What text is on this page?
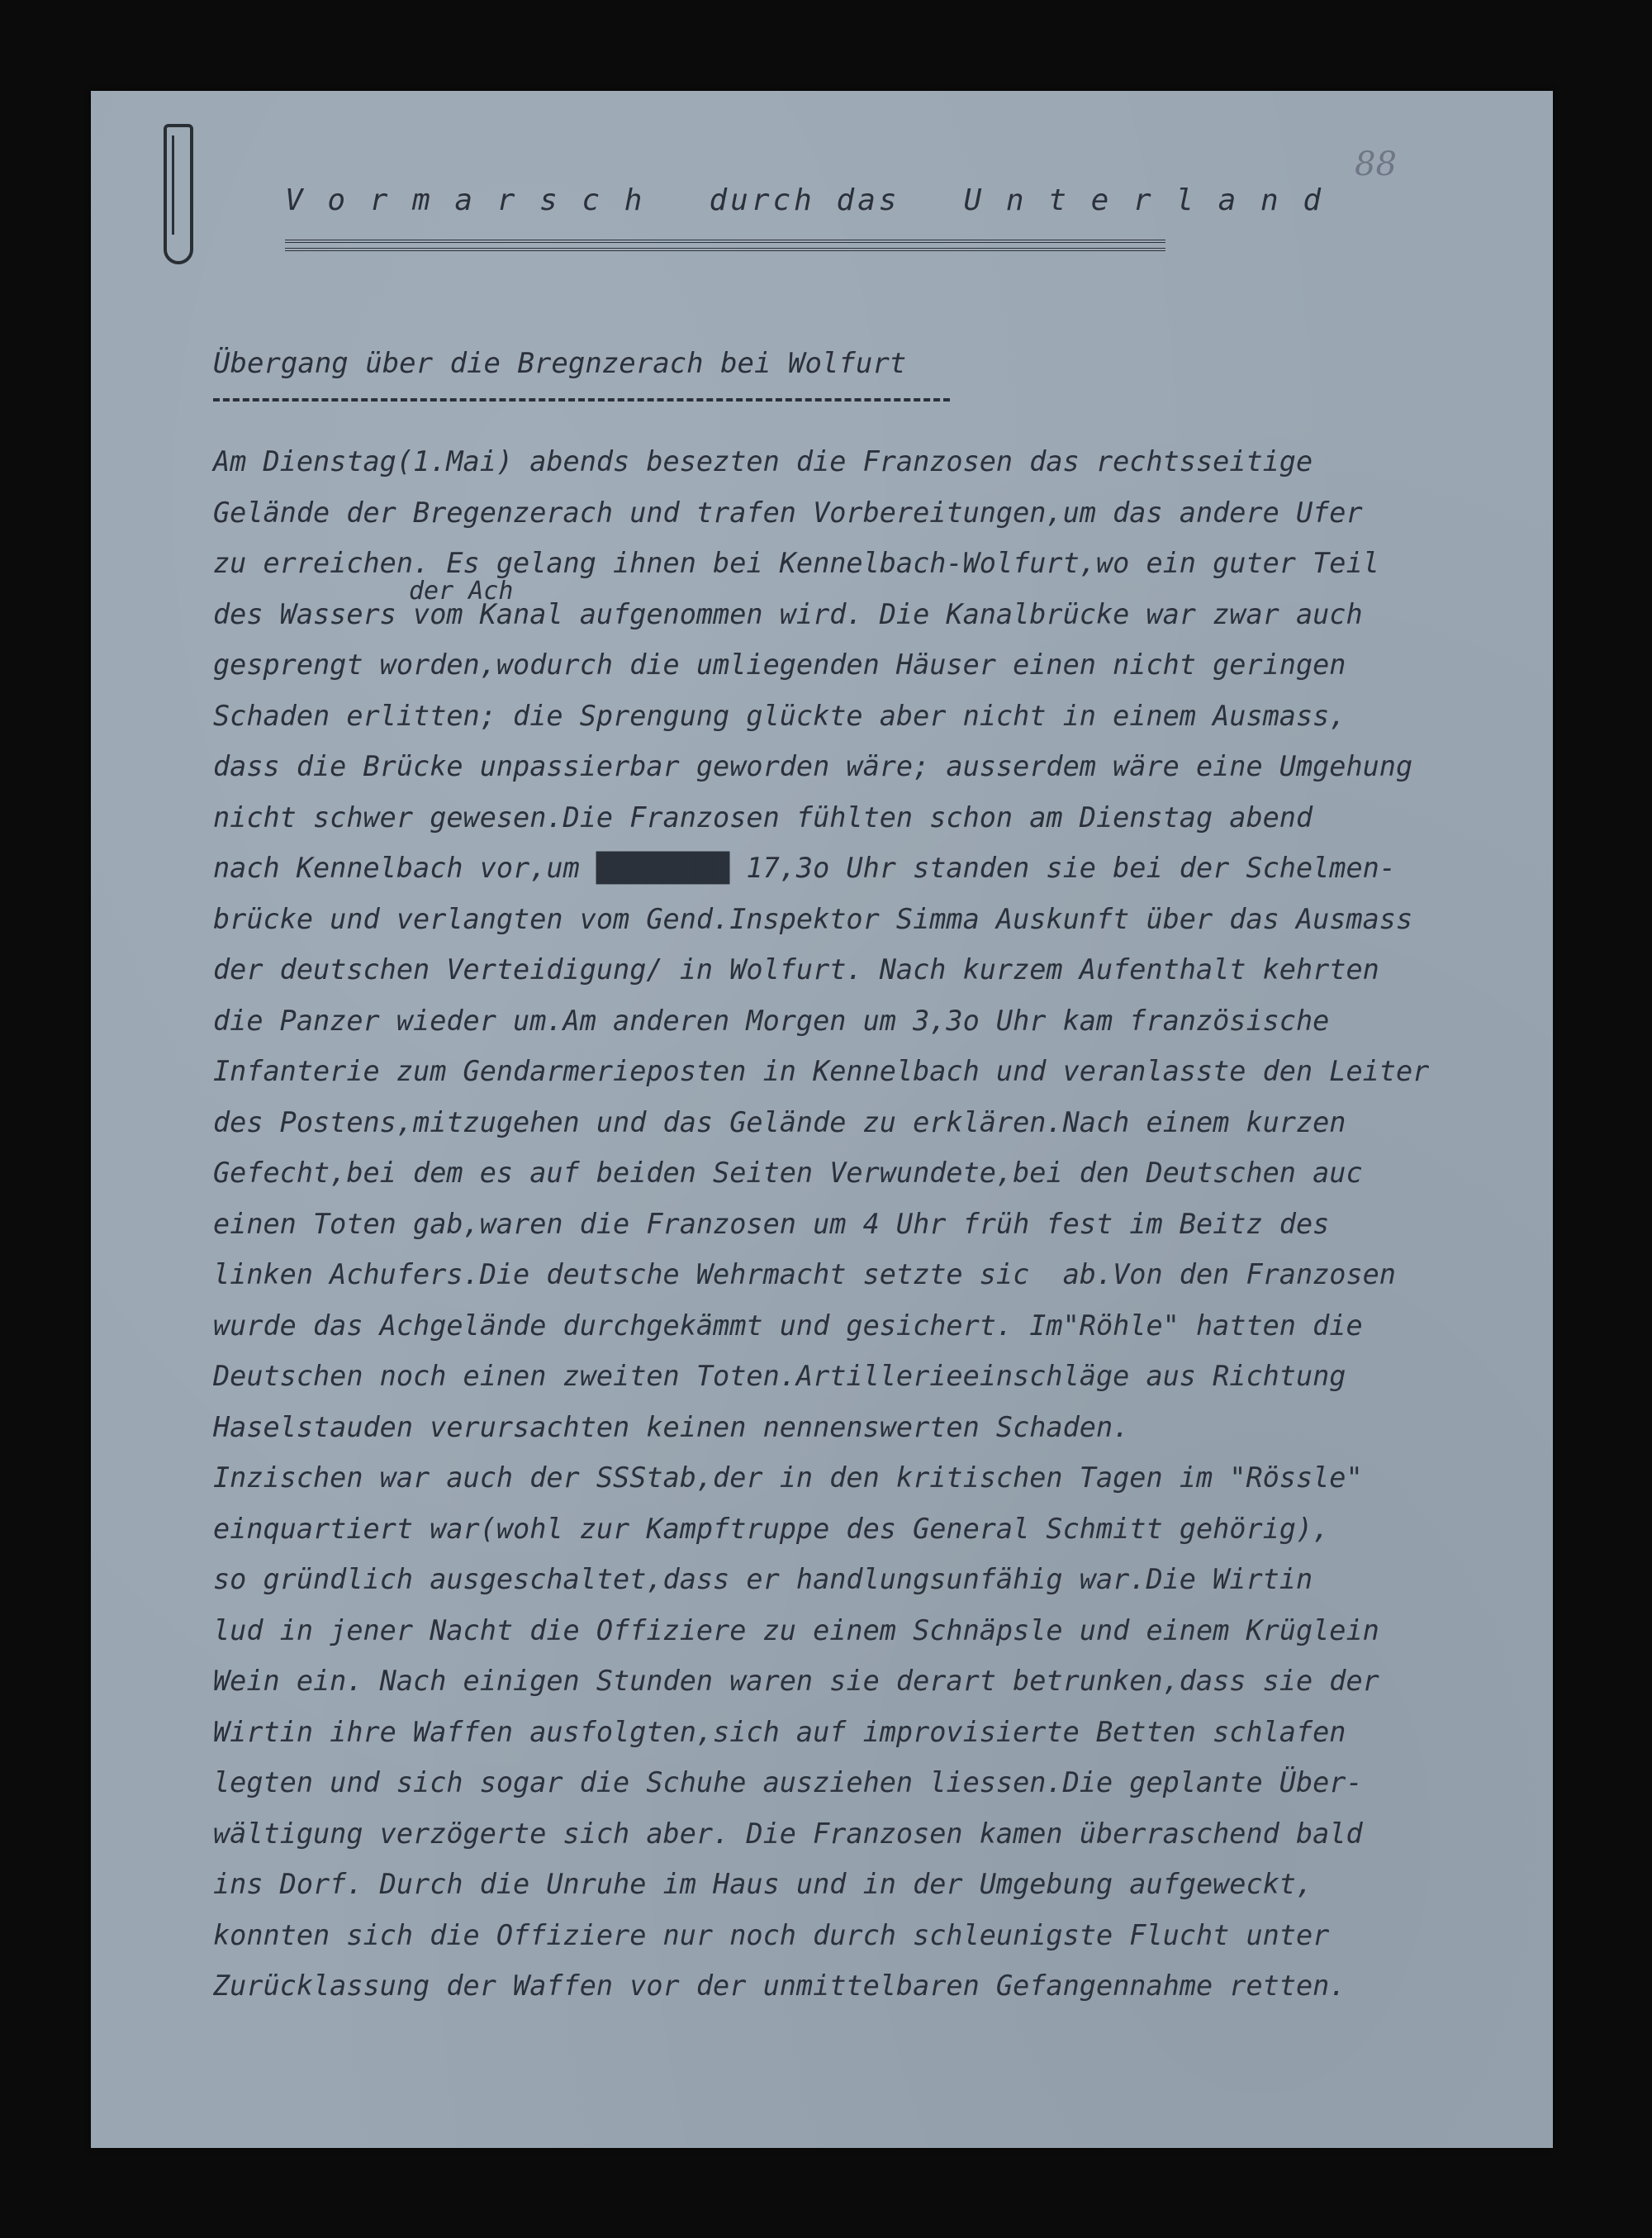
88
V o r m a r s c h   durch das   U n t e r l a n d
Übergang über die Bregnzerach bei Wolfurt
der Ach
Am Dienstag(1.Mai) abends besezten die Franzosen das rechtsseitige
Gelände der Bregenzerach und trafen Vorbereitungen,um das andere Ufer
zu erreichen. Es gelang ihnen bei Kennelbach-Wolfurt,wo ein guter Teil
des Wassers vom Kanal aufgenommen wird. Die Kanalbrücke war zwar auch
gesprengt worden,wodurch die umliegenden Häuser einen nicht geringen
Schaden erlitten; die Sprengung glückte aber nicht in einem Ausmass,
dass die Brücke unpassierbar geworden wäre; ausserdem wäre eine Umgehung
nicht schwer gewesen.Die Franzosen fühlten schon am Dienstag abend
nach Kennelbach vor,um ████████ 17,3o Uhr standen sie bei der Schelmen-
brücke und verlangten vom Gend.Inspektor Simma Auskunft über das Ausmass
der deutschen Verteidigung/ in Wolfurt. Nach kurzem Aufenthalt kehrten
die Panzer wieder um.Am anderen Morgen um 3,3o Uhr kam französische
Infanterie zum Gendarmerieposten in Kennelbach und veranlasste den Leiter
des Postens,mitzugehen und das Gelände zu erklären.Nach einem kurzen
Gefecht,bei dem es auf beiden Seiten Verwundete,bei den Deutschen auc
einen Toten gab,waren die Franzosen um 4 Uhr früh fest im Beitz des
linken Achufers.Die deutsche Wehrmacht setzte sic  ab.Von den Franzosen
wurde das Achgelände durchgekämmt und gesichert. Im"Röhle" hatten die
Deutschen noch einen zweiten Toten.Artillerieeinschläge aus Richtung
Haselstauden verursachten keinen nennenswerten Schaden.
Inzischen war auch der SSStab,der in den kritischen Tagen im "Rössle"
einquartiert war(wohl zur Kampftruppe des General Schmitt gehörig),
so gründlich ausgeschaltet,dass er handlungsunfähig war.Die Wirtin
lud in jener Nacht die Offiziere zu einem Schnäpsle und einem Krüglein
Wein ein. Nach einigen Stunden waren sie derart betrunken,dass sie der
Wirtin ihre Waffen ausfolgten,sich auf improvisierte Betten schlafen
legten und sich sogar die Schuhe ausziehen liessen.Die geplante Über-
wältigung verzögerte sich aber. Die Franzosen kamen überraschend bald
ins Dorf. Durch die Unruhe im Haus und in der Umgebung aufgeweckt,
konnten sich die Offiziere nur noch durch schleunigste Flucht unter
Zurücklassung der Waffen vor der unmittelbaren Gefangennahme retten.
